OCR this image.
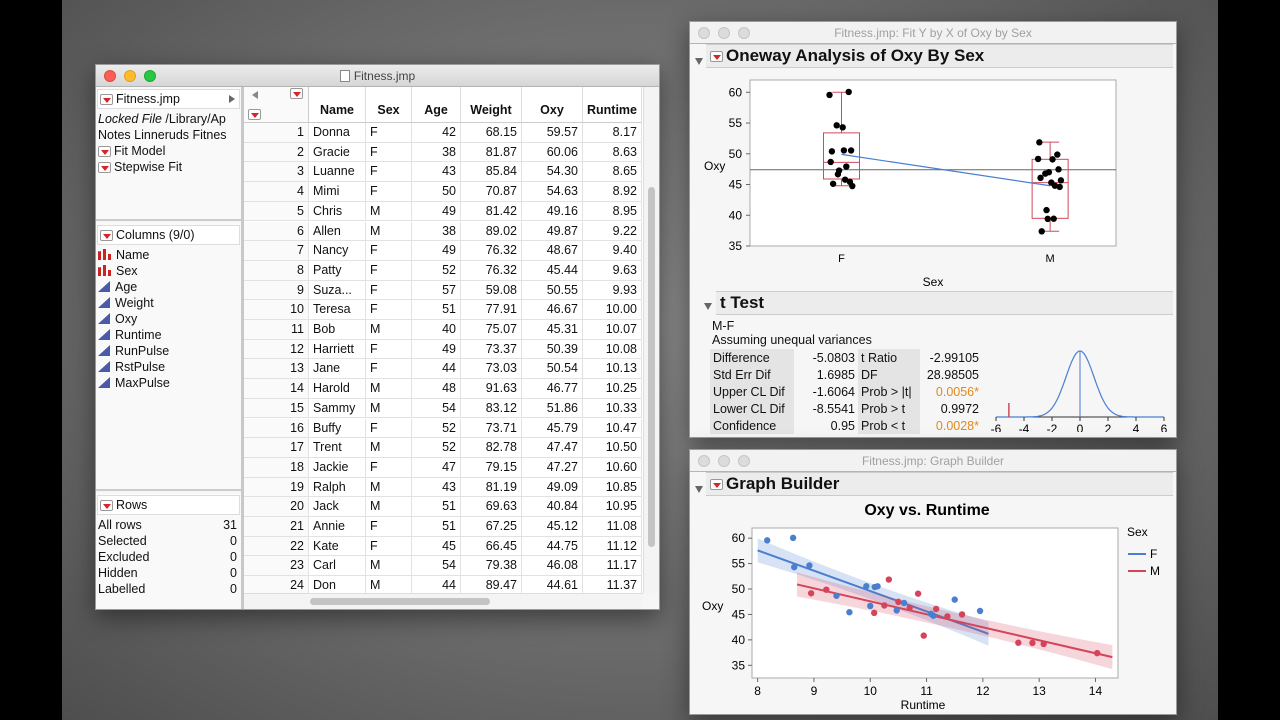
Fitness.jmp
Fitness.jmp
Locked File /Library/Ap
Notes Linneruds Fitnes
Fit Model
Stepwise Fit
Columns (9/0)
Name
Sex
Age
Weight
Oxy
Runtime
RunPulse
RstPulse
MaxPulse
Rows
All rows	31
Selected	0
Excluded	0
Hidden	0
Labelled	0
Name	Sex	Age	Weight	Oxy	Runtime
1 Donna	F	42	68.15	59.57	8.17
2 Gracie	F	38	81.87	60.06	8.63
3 Luanne	F	43	85.84	54.30	8.65
4 Mimi	F	50	70.87	54.63	8.92
5 Chris	M	49	81.42	49.16	8.95
6 Allen	M	38	89.02	49.87	9.22
7 Nancy	F	49	76.32	48.67	9.40
8 Patty	F	52	76.32	45.44	9.63
9 Suza...	F	57	59.08	50.55	9.93
10 Teresa	F	51	77.91	46.67	10.00
11 Bob	M	40	75.07	45.31	10.07
12 Harriett	F	49	73.37	50.39	10.08
13 Jane	F	44	73.03	50.54	10.13
14 Harold	M	48	91.63	46.77	10.25
15 Sammy	M	54	83.12	51.86	10.33
16 Buffy	F	52	73.71	45.79	10.47
17 Trent	M	52	82.78	47.47	10.50
18 Jackie	F	47	79.15	47.27	10.60
19 Ralph	M	43	81.19	49.09	10.85
20 Jack	M	51	69.63	40.84	10.95
21 Annie	F	51	67.25	45.12	11.08
22 Kate	F	45	66.45	44.75	11.12
23 Carl	M	54	79.38	46.08	11.17
24 Don	M	44	89.47	44.61	11.37
Fitness.jmp: Fit Y by X of Oxy by Sex
Oneway Analysis of Oxy By Sex
60
55
50
45
40
35
F	M
Sex
Oxy
t Test
M-F
Assuming unequal variances
Difference	-5.0803	t Ratio	-2.99105
Std Err Dif	1.6985	DF	28.98505
Upper CL Dif	-1.6064	Prob > |t|	0.0056*
Lower CL Dif	-8.5541	Prob > t	0.9972
Confidence	0.95	Prob < t	0.0028* -6 -4 -2 0 2 4 6
Fitness.jmp: Graph Builder
Graph Builder
Oxy vs. Runtime
60
55
50
45
40
35
8	9	10	11	12	13	14
Runtime
Oxy
Sex
F
M
